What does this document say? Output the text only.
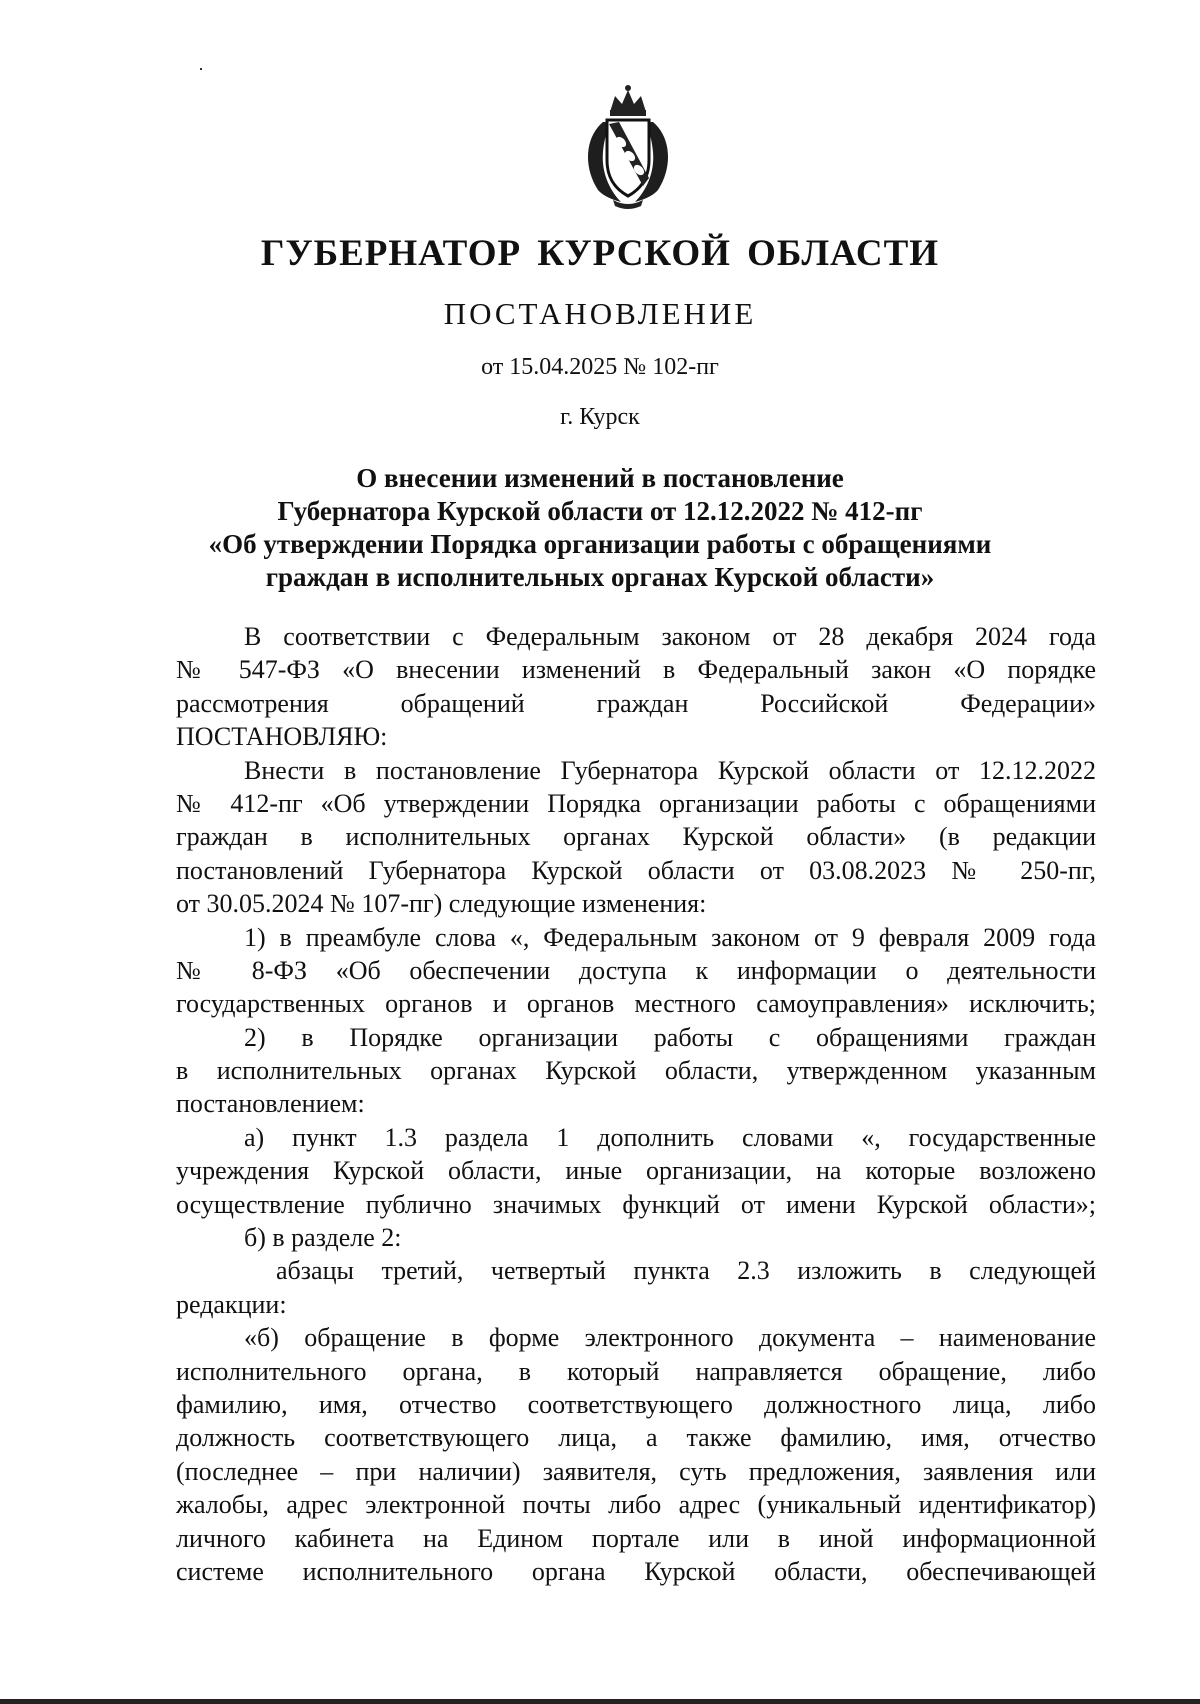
ГУБЕРНАТОР КУРСКОЙ ОБЛАСТИ
ПОСТАНОВЛЕНИЕ
от 15.04.2025 № 102-пг
г. Курск
О внесении изменений в постановление
Губернатора Курской области от 12.12.2022 № 412-пг
«Об утверждении Порядка организации работы с обращениями
граждан в исполнительных органах Курской области»
В соответствии с Федеральным законом от 28 декабря 2024 года
№ 547-ФЗ «О внесении изменений в Федеральный закон «О порядке
рассмотрения обращений граждан Российской Федерации»
ПОСТАНОВЛЯЮ:
Внести в постановление Губернатора Курской области от 12.12.2022
№ 412-пг «Об утверждении Порядка организации работы с обращениями
граждан в исполнительных органах Курской области» (в редакции
постановлений Губернатора Курской области от 03.08.2023 № 250-пг,
от 30.05.2024 № 107-пг) следующие изменения:
1) в преамбуле слова «, Федеральным законом от 9 февраля 2009 года
№ 8-ФЗ «Об обеспечении доступа к информации о деятельности
государственных органов и органов местного самоуправления» исключить;
2) в Порядке организации работы с обращениями граждан
в исполнительных органах Курской области, утвержденном указанным
постановлением:
а) пункт 1.3 раздела 1 дополнить словами «, государственные
учреждения Курской области, иные организации, на которые возложено
осуществление публично значимых функций от имени Курской области»;
б) в разделе 2:
абзацы третий, четвертый пункта 2.3 изложить в следующей
редакции:
«б) обращение в форме электронного документа – наименование
исполнительного органа, в который направляется обращение, либо
фамилию, имя, отчество соответствующего должностного лица, либо
должность соответствующего лица, а также фамилию, имя, отчество
(последнее – при наличии) заявителя, суть предложения, заявления или
жалобы, адрес электронной почты либо адрес (уникальный идентификатор)
личного кабинета на Едином портале или в иной информационной
системе исполнительного органа Курской области, обеспечивающей
